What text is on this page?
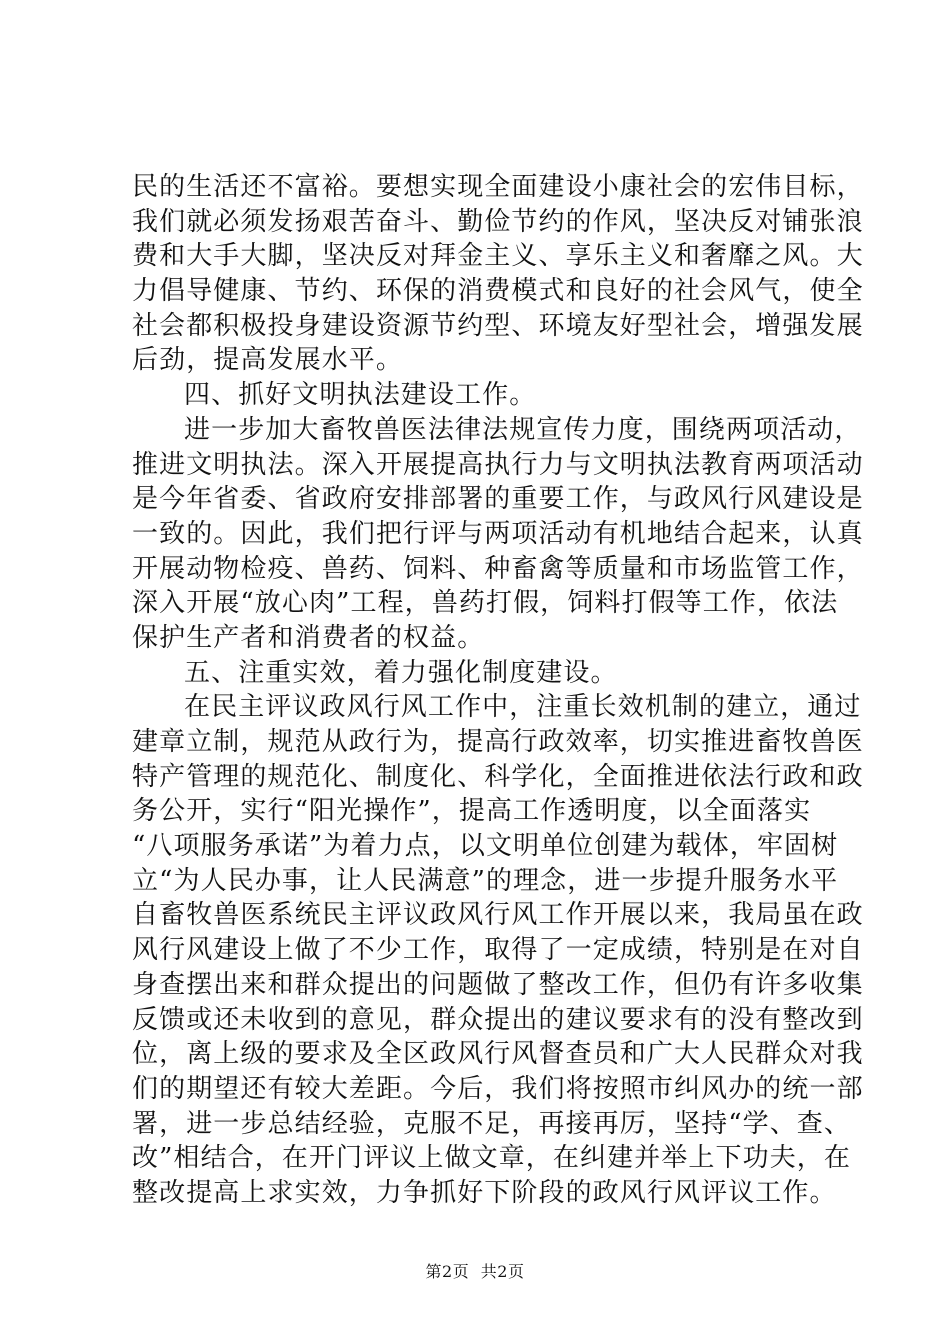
民的生活还不富裕。要想实现全面建设小康社会的宏伟目标，
我们就必须发扬艰苦奋斗、勤俭节约的作风，坚决反对铺张浪
费和大手大脚，坚决反对拜金主义、享乐主义和奢靡之风。大
力倡导健康、节约、环保的消费模式和良好的社会风气，使全
社会都积极投身建设资源节约型、环境友好型社会，增强发展
后劲，提高发展水平。
四、抓好文明执法建设工作。
进一步加大畜牧兽医法律法规宣传力度，围绕两项活动，
推进文明执法。深入开展提高执行力与文明执法教育两项活动
是今年省委、省政府安排部署的重要工作，与政风行风建设是
一致的。因此，我们把行评与两项活动有机地结合起来，认真
开展动物检疫、兽药、饲料、种畜禽等质量和市场监管工作，
深入开展“放心肉”工程，兽药打假，饲料打假等工作，依法
保护生产者和消费者的权益。
五、注重实效，着力强化制度建设。
在民主评议政风行风工作中，注重长效机制的建立，通过
建章立制，规范从政行为，提高行政效率，切实推进畜牧兽医
特产管理的规范化、制度化、科学化，全面推进依法行政和政
务公开，实行“阳光操作”，提高工作透明度，以全面落实
“八项服务承诺”为着力点，以文明单位创建为载体，牢固树
立“为人民办事，让人民满意”的理念，进一步提升服务水平
自畜牧兽医系统民主评议政风行风工作开展以来，我局虽在政
风行风建设上做了不少工作，取得了一定成绩，特别是在对自
身查摆出来和群众提出的问题做了整改工作，但仍有许多收集
反馈或还未收到的意见，群众提出的建议要求有的没有整改到
位，离上级的要求及全区政风行风督查员和广大人民群众对我
们的期望还有较大差距。今后，我们将按照市纠风办的统一部
署，进一步总结经验，克服不足，再接再厉，坚持“学、查、
改”相结合，在开门评议上做文章，在纠建并举上下功夫，在
整改提高上求实效，力争抓好下阶段的政风行风评议工作。
第2页 共2页
